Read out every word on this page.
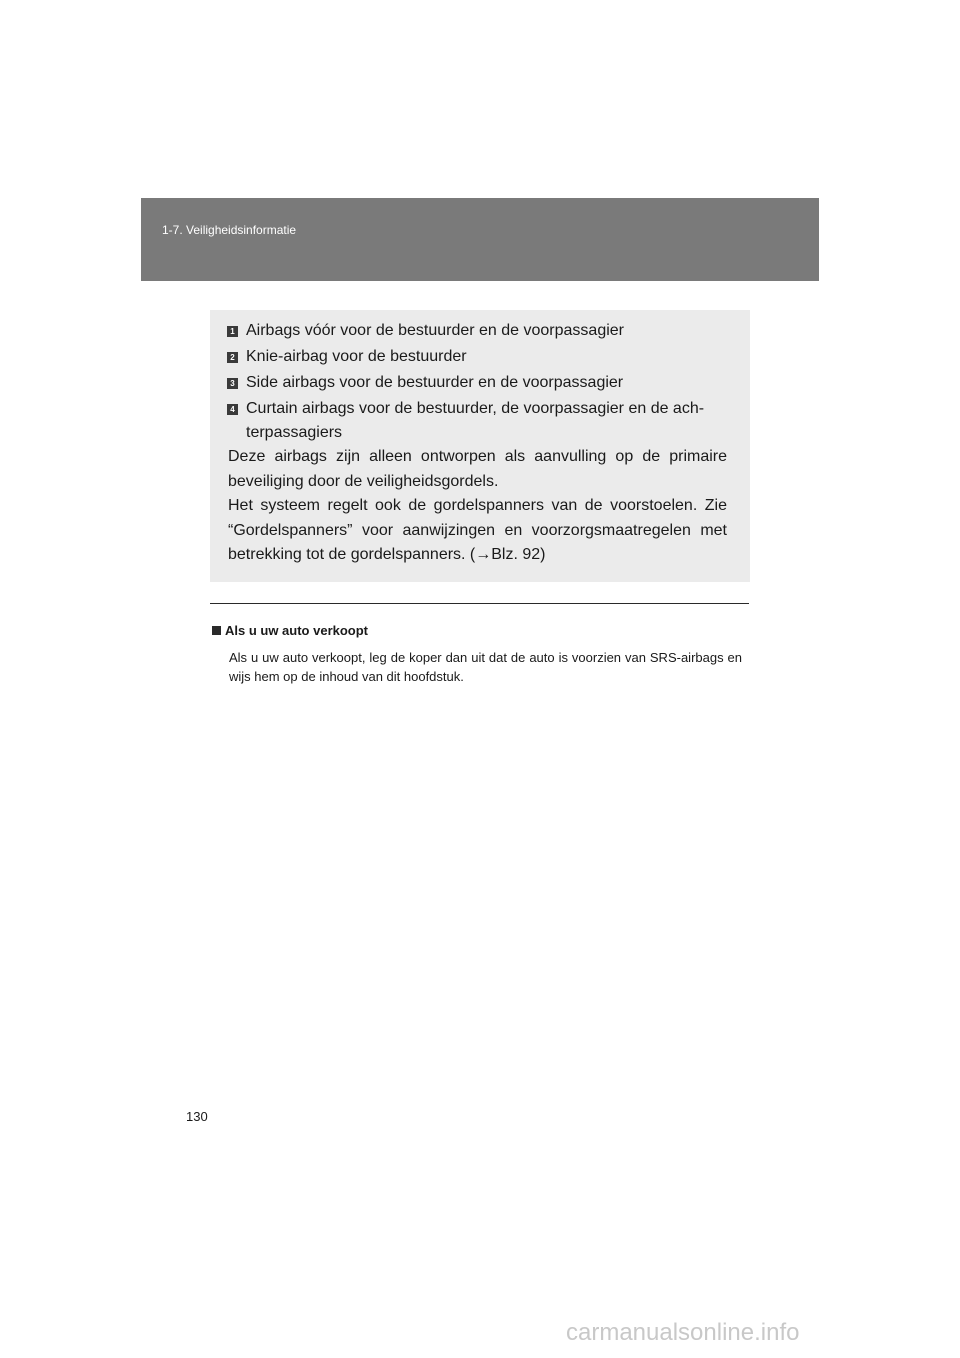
1-7. Veiligheidsinformatie
1 Airbags vóór voor de bestuurder en de voorpassagier
2 Knie-airbag voor de bestuurder
3 Side airbags voor de bestuurder en de voorpassagier
4 Curtain airbags voor de bestuurder, de voorpassagier en de ach-terpassagiers
Deze airbags zijn alleen ontworpen als aanvulling op de primaire beveiliging door de veiligheidsgordels.
Het systeem regelt ook de gordelspanners van de voorstoelen. Zie “Gordelspanners” voor aanwijzingen en voorzorgsmaatregelen met betrekking tot de gordelspanners. (→Blz. 92)
Als u uw auto verkoopt
Als u uw auto verkoopt, leg de koper dan uit dat de auto is voorzien van SRS-airbags en wijs hem op de inhoud van dit hoofdstuk.
130
carmanualsonline.info
